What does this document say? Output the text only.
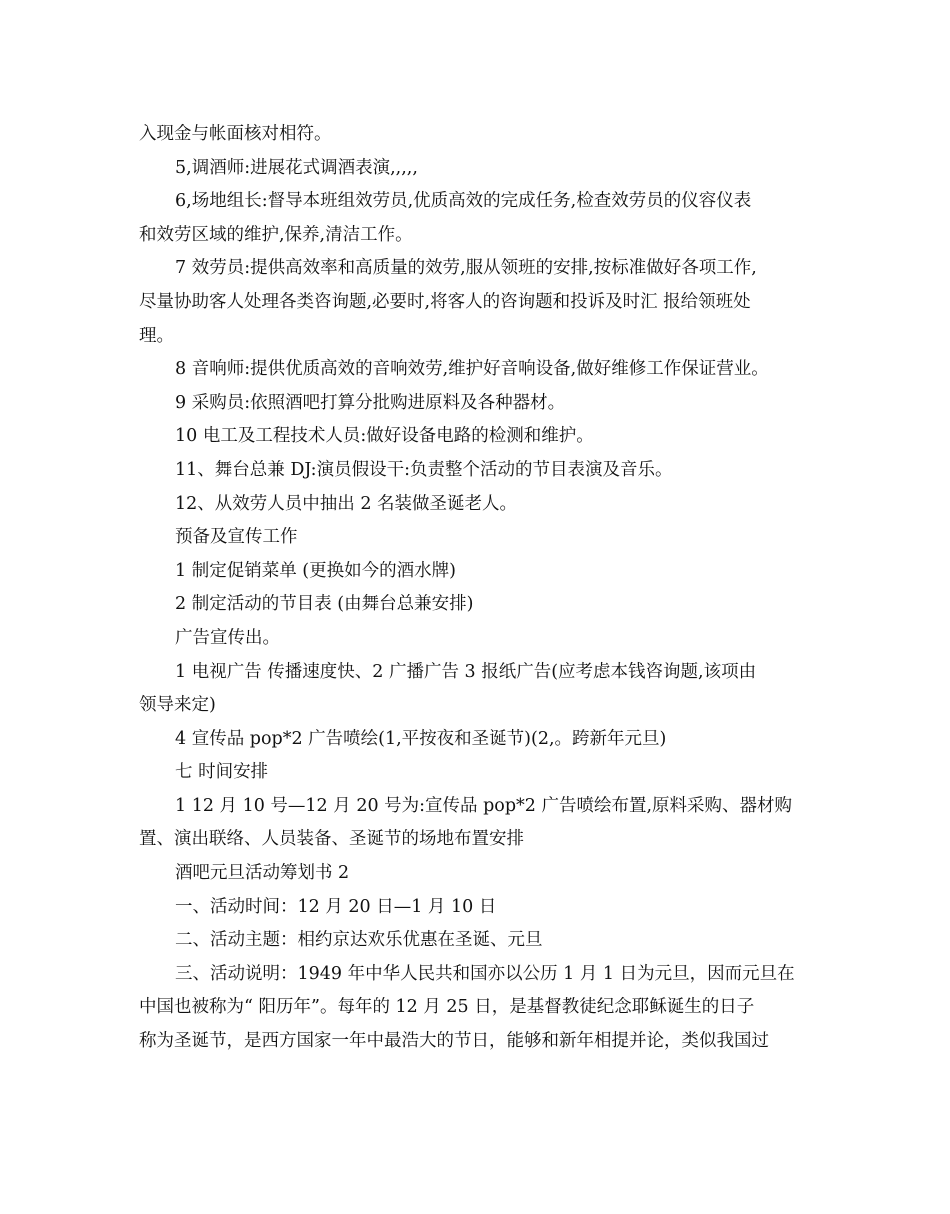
入现金与帐面核对相符。

5,调酒师:进展花式调酒表演,,,,,

6,场地组长:督导本班组效劳员,优质高效的完成任务,检查效劳员的仪容仪表

和效劳区域的维护,保养,清洁工作。

7 效劳员:提供高效率和高质量的效劳,服从领班的安排,按标准做好各项工作,

尽量协助客人处理各类咨询题,必要时,将客人的咨询题和投诉及时汇 报给领班处

理。

8 音响师:提供优质高效的音响效劳,维护好音响设备,做好维修工作保证营业。

9 采购员:依照酒吧打算分批购进原料及各种器材。

10 电工及工程技术人员:做好设备电路的检测和维护。

11、舞台总兼 DJ:演员假设干:负责整个活动的节目表演及音乐。

12、从效劳人员中抽出 2 名装做圣诞老人。

预备及宣传工作

1 制定促销菜单 (更换如今的酒水牌)

2 制定活动的节目表 (由舞台总兼安排)

广告宣传出。

1 电视广告 传播速度快、2 广播广告 3 报纸广告(应考虑本钱咨询题,该项由

领导来定)

4 宣传品 pop*2 广告喷绘(1,平按夜和圣诞节)(2,。跨新年元旦)

七 时间安排

1 12 月 10 号—12 月 20 号为:宣传品 pop*2 广告喷绘布置,原料采购、器材购

置、演出联络、人员装备、圣诞节的场地布置安排

酒吧元旦活动筹划书 2

一、活动时间：12 月 20 日—1 月 10 日

二、活动主题：相约京达欢乐优惠在圣诞、元旦

三、活动说明：1949 年中华人民共和国亦以公历 1 月 1 日为元旦，因而元旦在

中国也被称为“ 阳历年”。每年的 12 月 25 日，是基督教徒纪念耶稣诞生的日子

称为圣诞节，是西方国家一年中最浩大的节日，能够和新年相提并论，类似我国过
